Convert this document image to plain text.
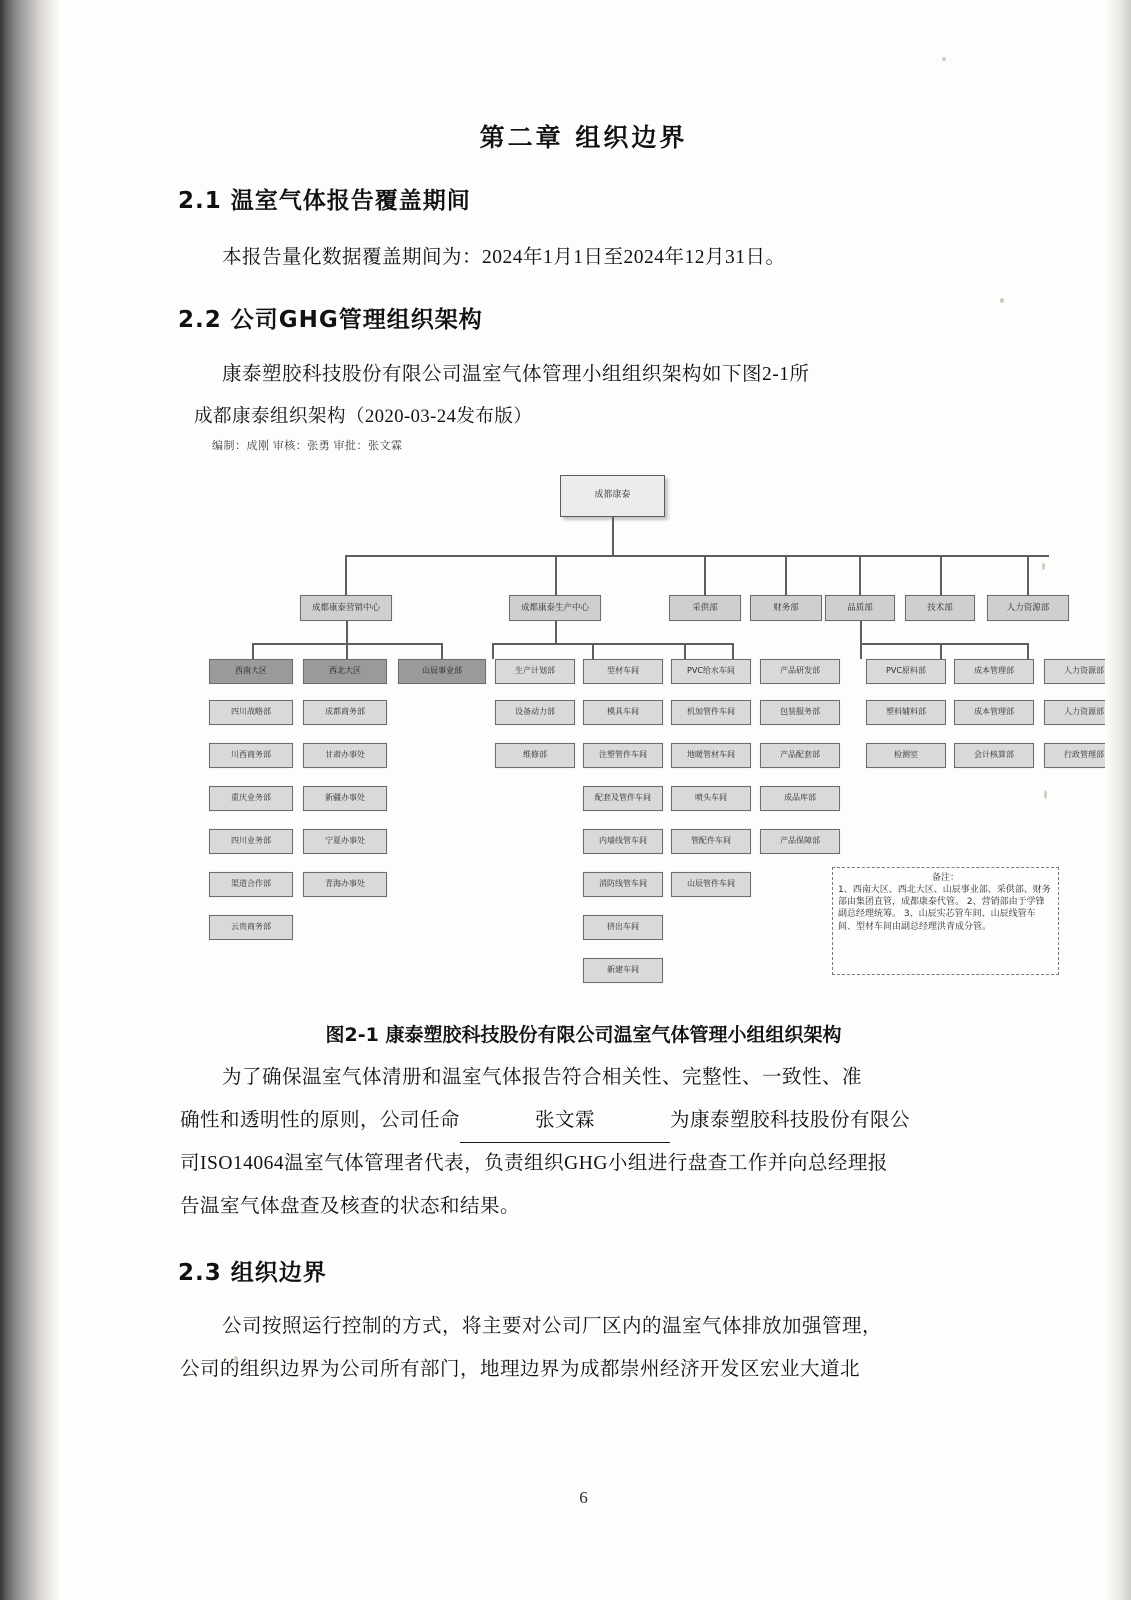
第二章 组织边界
2.1 温室气体报告覆盖期间
本报告量化数据覆盖期间为：2024年1月1日至2024年12月31日。
2.2 公司GHG管理组织架构
康泰塑胶科技股份有限公司温室气体管理小组组织架构如下图2-1所
成都康泰组织架构（2020-03-24发布版）
编制：成刚 审核：张勇 审批：张文霖
成都康泰
成都康泰营销中心	成都康泰生产中心	采供部	财务部	品质部	技术部	人力资源部
西南大区	西北大区	山辰事业部	生产计划部	型材车间	PVC给水车间	产品研发部	PVC原料部	成本管理部	人力资源部
四川战略部
川西商务部
重庆业务部
四川业务部
渠道合作部
云贵商务部
成都商务部
甘肃办事处
新疆办事处
宁夏办事处
青海办事处
设备动力部
维修部
模具车间
注塑管件车间
配套及管件车间
内墙线管车间
消防线管车间
挤出车间
新建车间
机加管件车间
地暖管材车间
喷头车间
管配件车间
山辰管件车间
包装服务部
产品配套部
成品库部
产品保障部
塑料辅料部
检测室
成本管理部
会计核算部
人力资源部
行政管理部
备注：
1、西南大区、西北大区、山辰事业部、采供部、财务部由集团直管，成都康泰代管。 2、营销部由于学锋副总经理统筹。 3、山辰实芯管车间、山辰线管车间、型材车间由副总经理洪青成分管。
图2-1 康泰塑胶科技股份有限公司温室气体管理小组组织架构
为了确保温室气体清册和温室气体报告符合相关性、完整性、一致性、准
确性和透明性的原则，公司任命	张文霖	为康泰塑胶科技股份有限公
司ISO14064温室气体管理者代表，负责组织GHG小组进行盘查工作并向总经理报
告温室气体盘查及核查的状态和结果。
2.3 组织边界
公司按照运行控制的方式，将主要对公司厂区内的温室气体排放加强管理，
公司的组织边界为公司所有部门，地理边界为成都崇州经济开发区宏业大道北
6
